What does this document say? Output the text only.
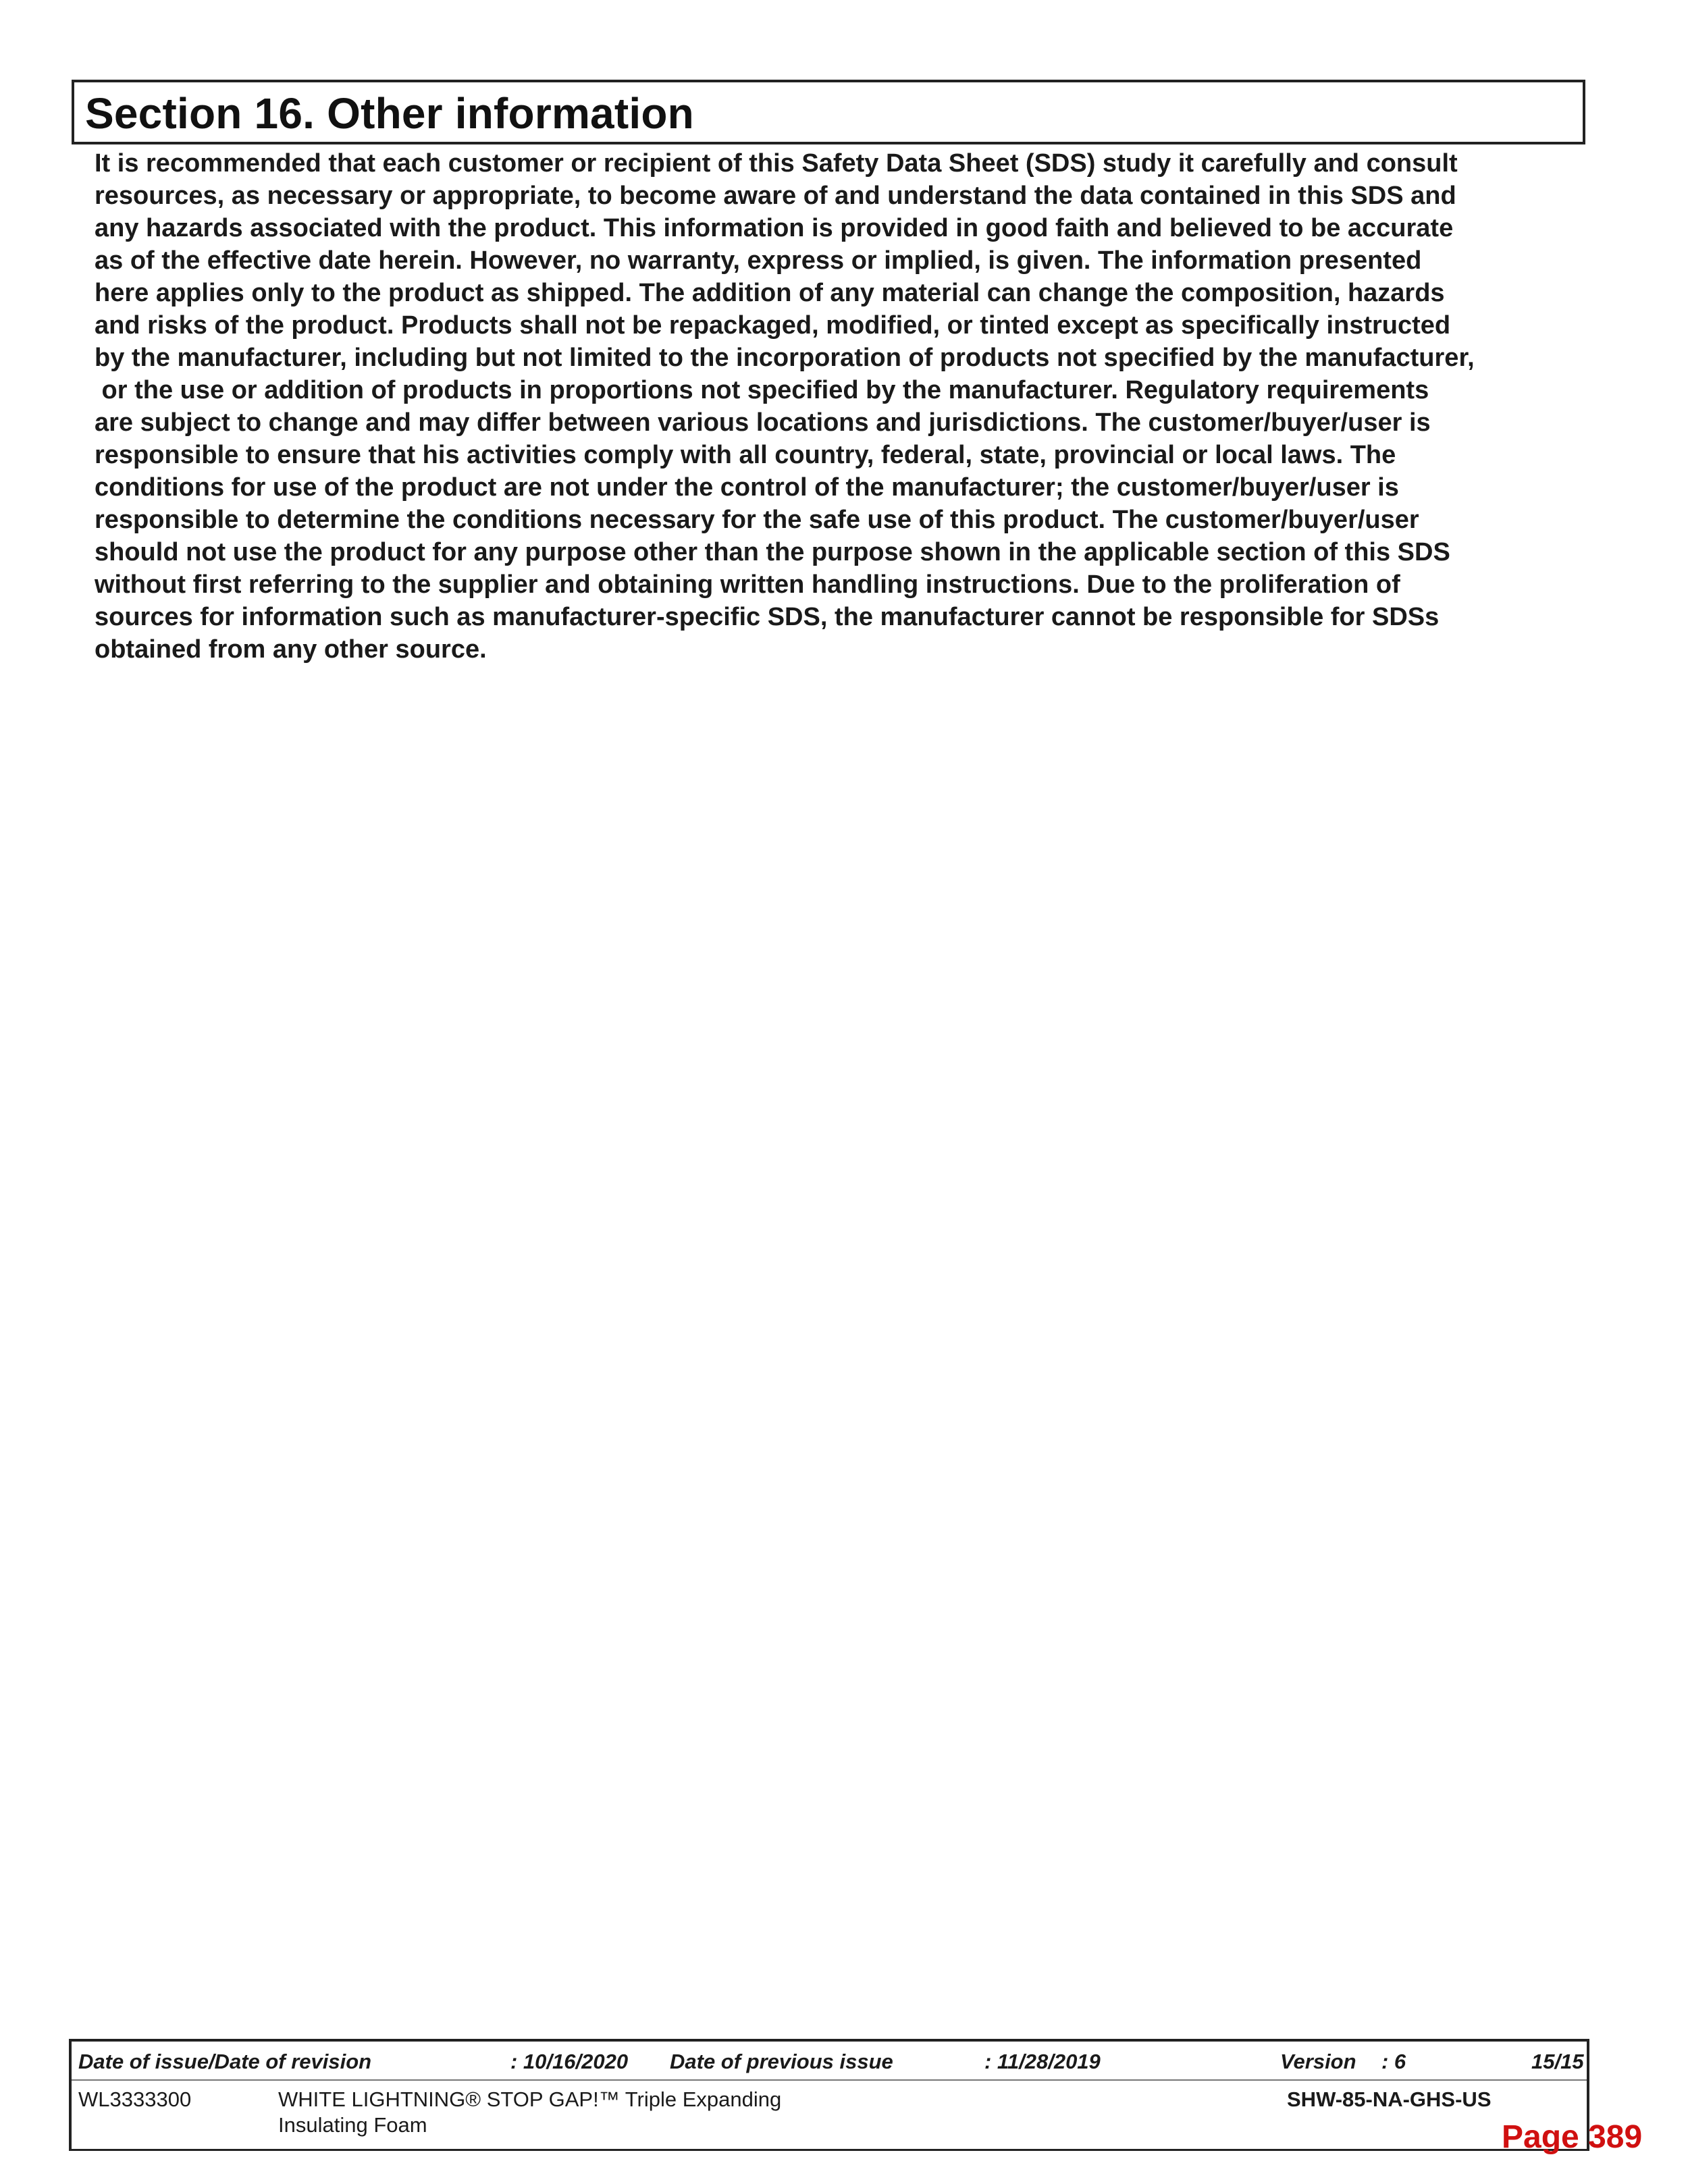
Section 16. Other information
It is recommended that each customer or recipient of this Safety Data Sheet (SDS) study it carefully and consult
resources, as necessary or appropriate, to become aware of and understand the data contained in this SDS and
any hazards associated with the product. This information is provided in good faith and believed to be accurate
as of the effective date herein. However, no warranty, express or implied, is given. The information presented
here applies only to the product as shipped. The addition of any material can change the composition, hazards
and risks of the product. Products shall not be repackaged, modified, or tinted except as specifically instructed
by the manufacturer, including but not limited to the incorporation of products not specified by the manufacturer,
or the use or addition of products in proportions not specified by the manufacturer. Regulatory requirements
are subject to change and may differ between various locations and jurisdictions. The customer/buyer/user is
responsible to ensure that his activities comply with all country, federal, state, provincial or local laws. The
conditions for use of the product are not under the control of the manufacturer; the customer/buyer/user is
responsible to determine the conditions necessary for the safe use of this product. The customer/buyer/user
should not use the product for any purpose other than the purpose shown in the applicable section of this SDS
without first referring to the supplier and obtaining written handling instructions. Due to the proliferation of
sources for information such as manufacturer-specific SDS, the manufacturer cannot be responsible for SDSs
obtained from any other source.
Date of issue/Date of revision	: 10/16/2020 Date of previous issue	: 11/28/2019	Version : 6	15/15
WL3333300	WHITE LIGHTNING® STOP GAP!™ Triple Expanding
Insulating Foam
SHW-85-NA-GHS-US
Page 389
